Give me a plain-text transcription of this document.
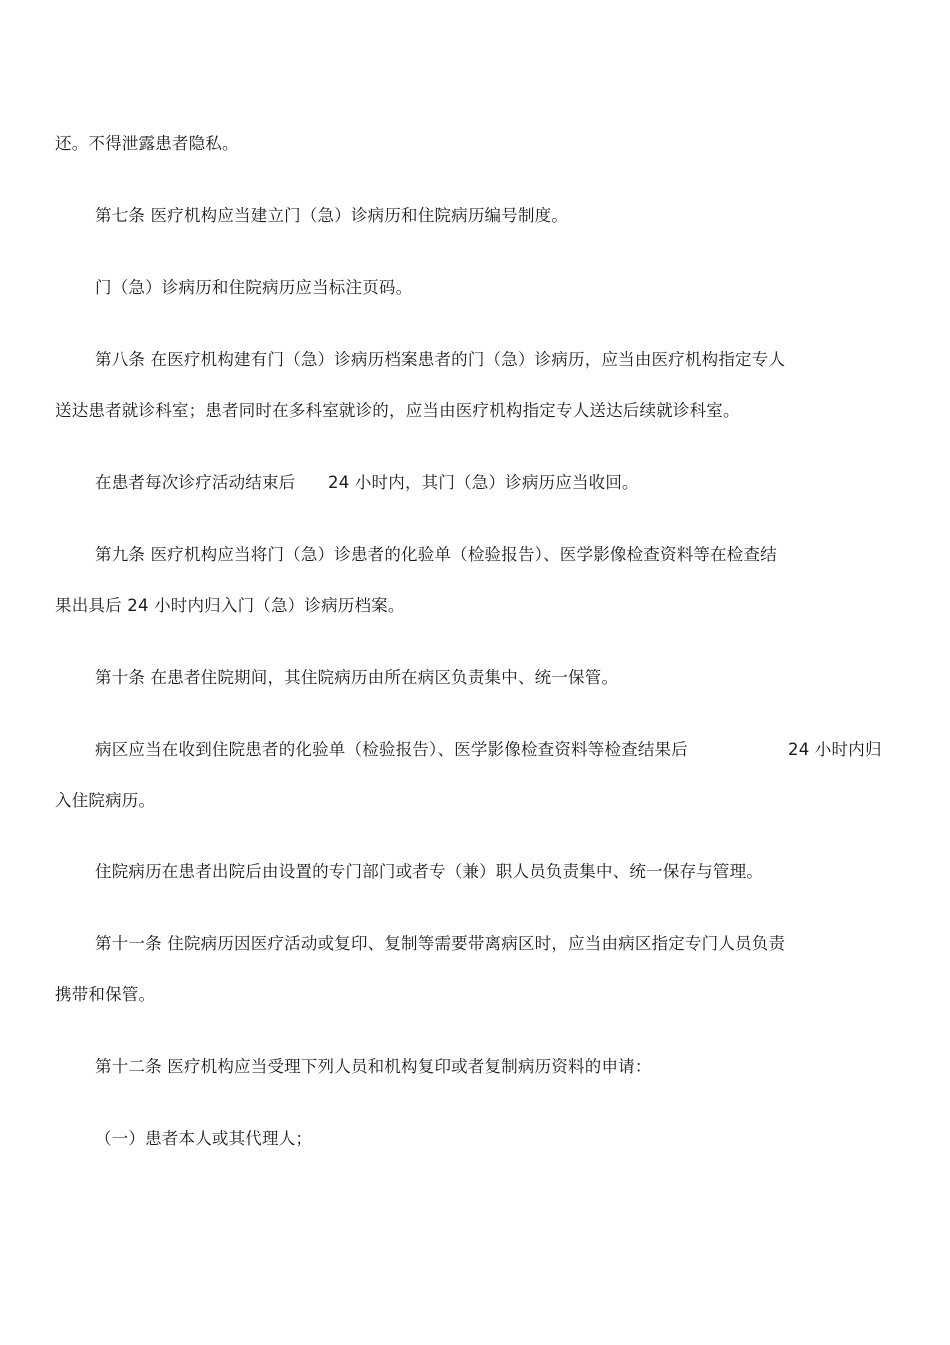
还。不得泄露患者隐私。
第七条 医疗机构应当建立门（急）诊病历和住院病历编号制度。
门（急）诊病历和住院病历应当标注页码。
第八条 在医疗机构建有门（急）诊病历档案患者的门（急）诊病历，应当由医疗机构指定专人
送达患者就诊科室；患者同时在多科室就诊的，应当由医疗机构指定专人送达后续就诊科室。
在患者每次诊疗活动结束后 24 小时内，其门（急）诊病历应当收回。
第九条 医疗机构应当将门（急）诊患者的化验单（检验报告）、医学影像检查资料等在检查结
果出具后 24 小时内归入门（急）诊病历档案。
第十条 在患者住院期间，其住院病历由所在病区负责集中、统一保管。
病区应当在收到住院患者的化验单（检验报告）、医学影像检查资料等检查结果后	24 小时内归
入住院病历。
住院病历在患者出院后由设置的专门部门或者专（兼）职人员负责集中、统一保存与管理。
第十一条 住院病历因医疗活动或复印、复制等需要带离病区时，应当由病区指定专门人员负责
携带和保管。
第十二条 医疗机构应当受理下列人员和机构复印或者复制病历资料的申请：
（一）患者本人或其代理人；
